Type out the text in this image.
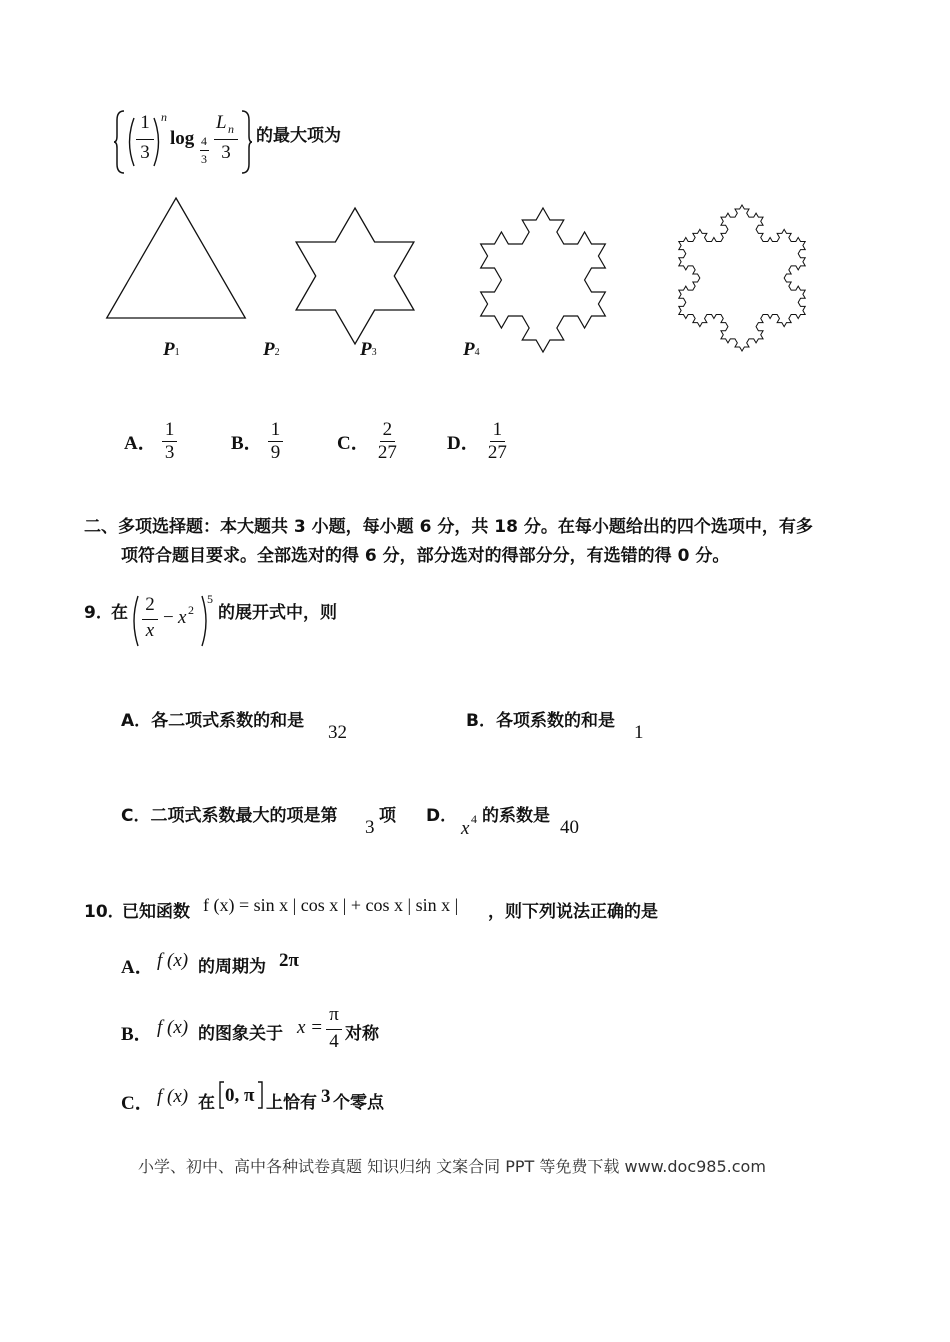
1
3
n
log 4
3
L n
3
的最大项为
P1	P2	P3	P4
A． $\frac{1}{3}$	B． $\frac{1}{9}$	C． $\frac{2}{27}$ D． $\frac{1}{27}$
二、多项选择题：本大题共 3 小题，每小题 6 分，共 18 分。在每小题给出的四个选项中，有多
项符合题目要求。全部选对的得 6 分，部分选对的得部分分，有选错的得 0 分。
9．
在 2
x
− x 2
5
的展开式中，则
A．各二项式系数的和是
32
B．各项系数的和是
1
C．二项式系数最大的项是第
3
项 D．
x 4 的系数是
40
10．
已知函数 f (x) = sin x | cos x | + cos x | sin x | ，则下列说法正确的是
A． f (x) 的周期为 2π
B． f (x) 的图象关于 x =
π
4 对称
C． f (x) 在 0, π 上恰有 3 个零点
小学、初中、高中各种试卷真题 知识归纳 文案合同 PPT 等免费下载 www.doc985.com
